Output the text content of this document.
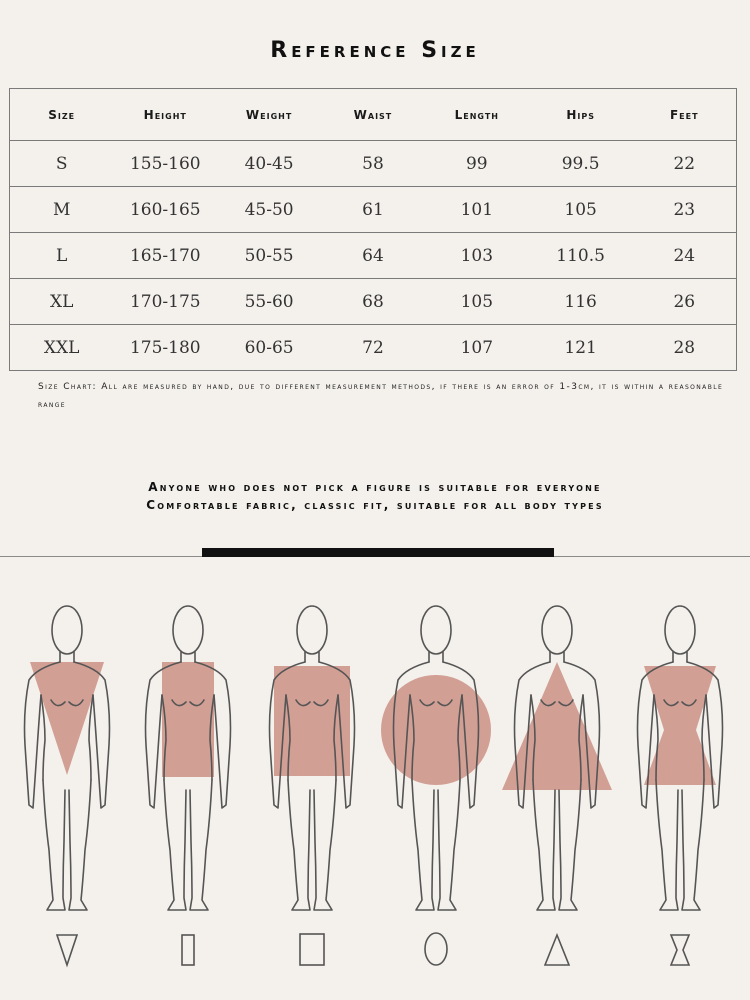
Reference Size
Size	Height	Weight	Waist	Length	Hips	Feet
S	155-160	40-45	58	99	99.5	22
M	160-165	45-50	61	101	105	23
L	165-170	50-55	64	103	110.5	24
XL	170-175	55-60	68	105	116	26
XXL	175-180	60-65	72	107	121	28
Size Chart: All are measured by hand, due to different measurement methods, if there is an error of 1-3cm, it is within a reasonable range
Anyone who does not pick a figure is suitable for everyone
Comfortable fabric, classic fit, suitable for all body types
